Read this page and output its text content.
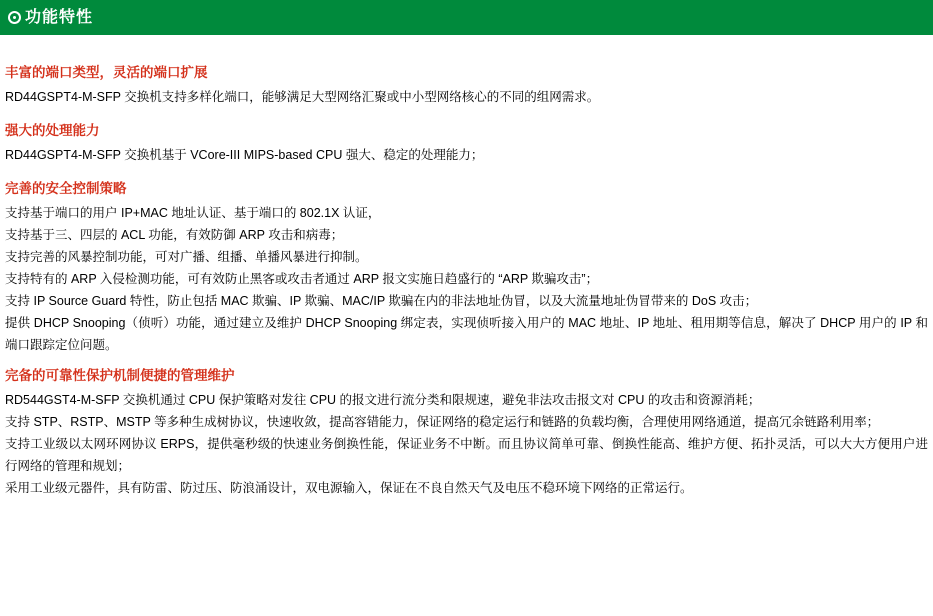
功能特性
丰富的端口类型，灵活的端口扩展
RD44GSPT4-M-SFP 交换机支持多样化端口，能够满足大型网络汇聚或中小型网络核心的不同的组网需求。
强大的处理能力
RD44GSPT4-M-SFP 交换机基于 VCore-III MIPS-based CPU 强大、稳定的处理能力；
完善的安全控制策略
支持基于端口的用户 IP+MAC 地址认证、基于端口的 802.1X 认证，
支持基于三、四层的 ACL 功能，有效防御 ARP 攻击和病毒；
支持完善的风暴控制功能，可对广播、组播、单播风暴进行抑制。
支持特有的 ARP 入侵检测功能，可有效防止黑客或攻击者通过 ARP 报文实施日趋盛行的 “ARP 欺骗攻击”；
支持 IP Source Guard 特性，防止包括 MAC 欺骗、IP 欺骗、MAC/IP 欺骗在内的非法地址伪冒，以及大流量地址伪冒带来的 DoS 攻击；
提供 DHCP Snooping（侦听）功能，通过建立及维护 DHCP Snooping 绑定表，实现侦听接入用户的 MAC 地址、IP 地址、租用期等信息，解决了 DHCP 用户的 IP 和端口跟踪定位问题。
完备的可靠性保护机制便捷的管理维护
RD544GST4-M-SFP 交换机通过 CPU 保护策略对发往 CPU 的报文进行流分类和限规速，避免非法攻击报文对 CPU 的攻击和资源消耗；
支持 STP、RSTP、MSTP 等多种生成树协议，快速收敛，提高容错能力，保证网络的稳定运行和链路的负载均衡，合理使用网络通道，提高冗余链路利用率；
支持工业级以太网环网协议 ERPS，提供毫秒级的快速业务倒换性能，保证业务不中断。而且协议简单可靠、倒换性能高、维护方便、拓扑灵活，可以大大方便用户进行网络的管理和规划；
采用工业级元器件，具有防雷、防过压、防浪涌设计，双电源输入，保证在不良自然天气及电压不稳环境下网络的正常运行。
